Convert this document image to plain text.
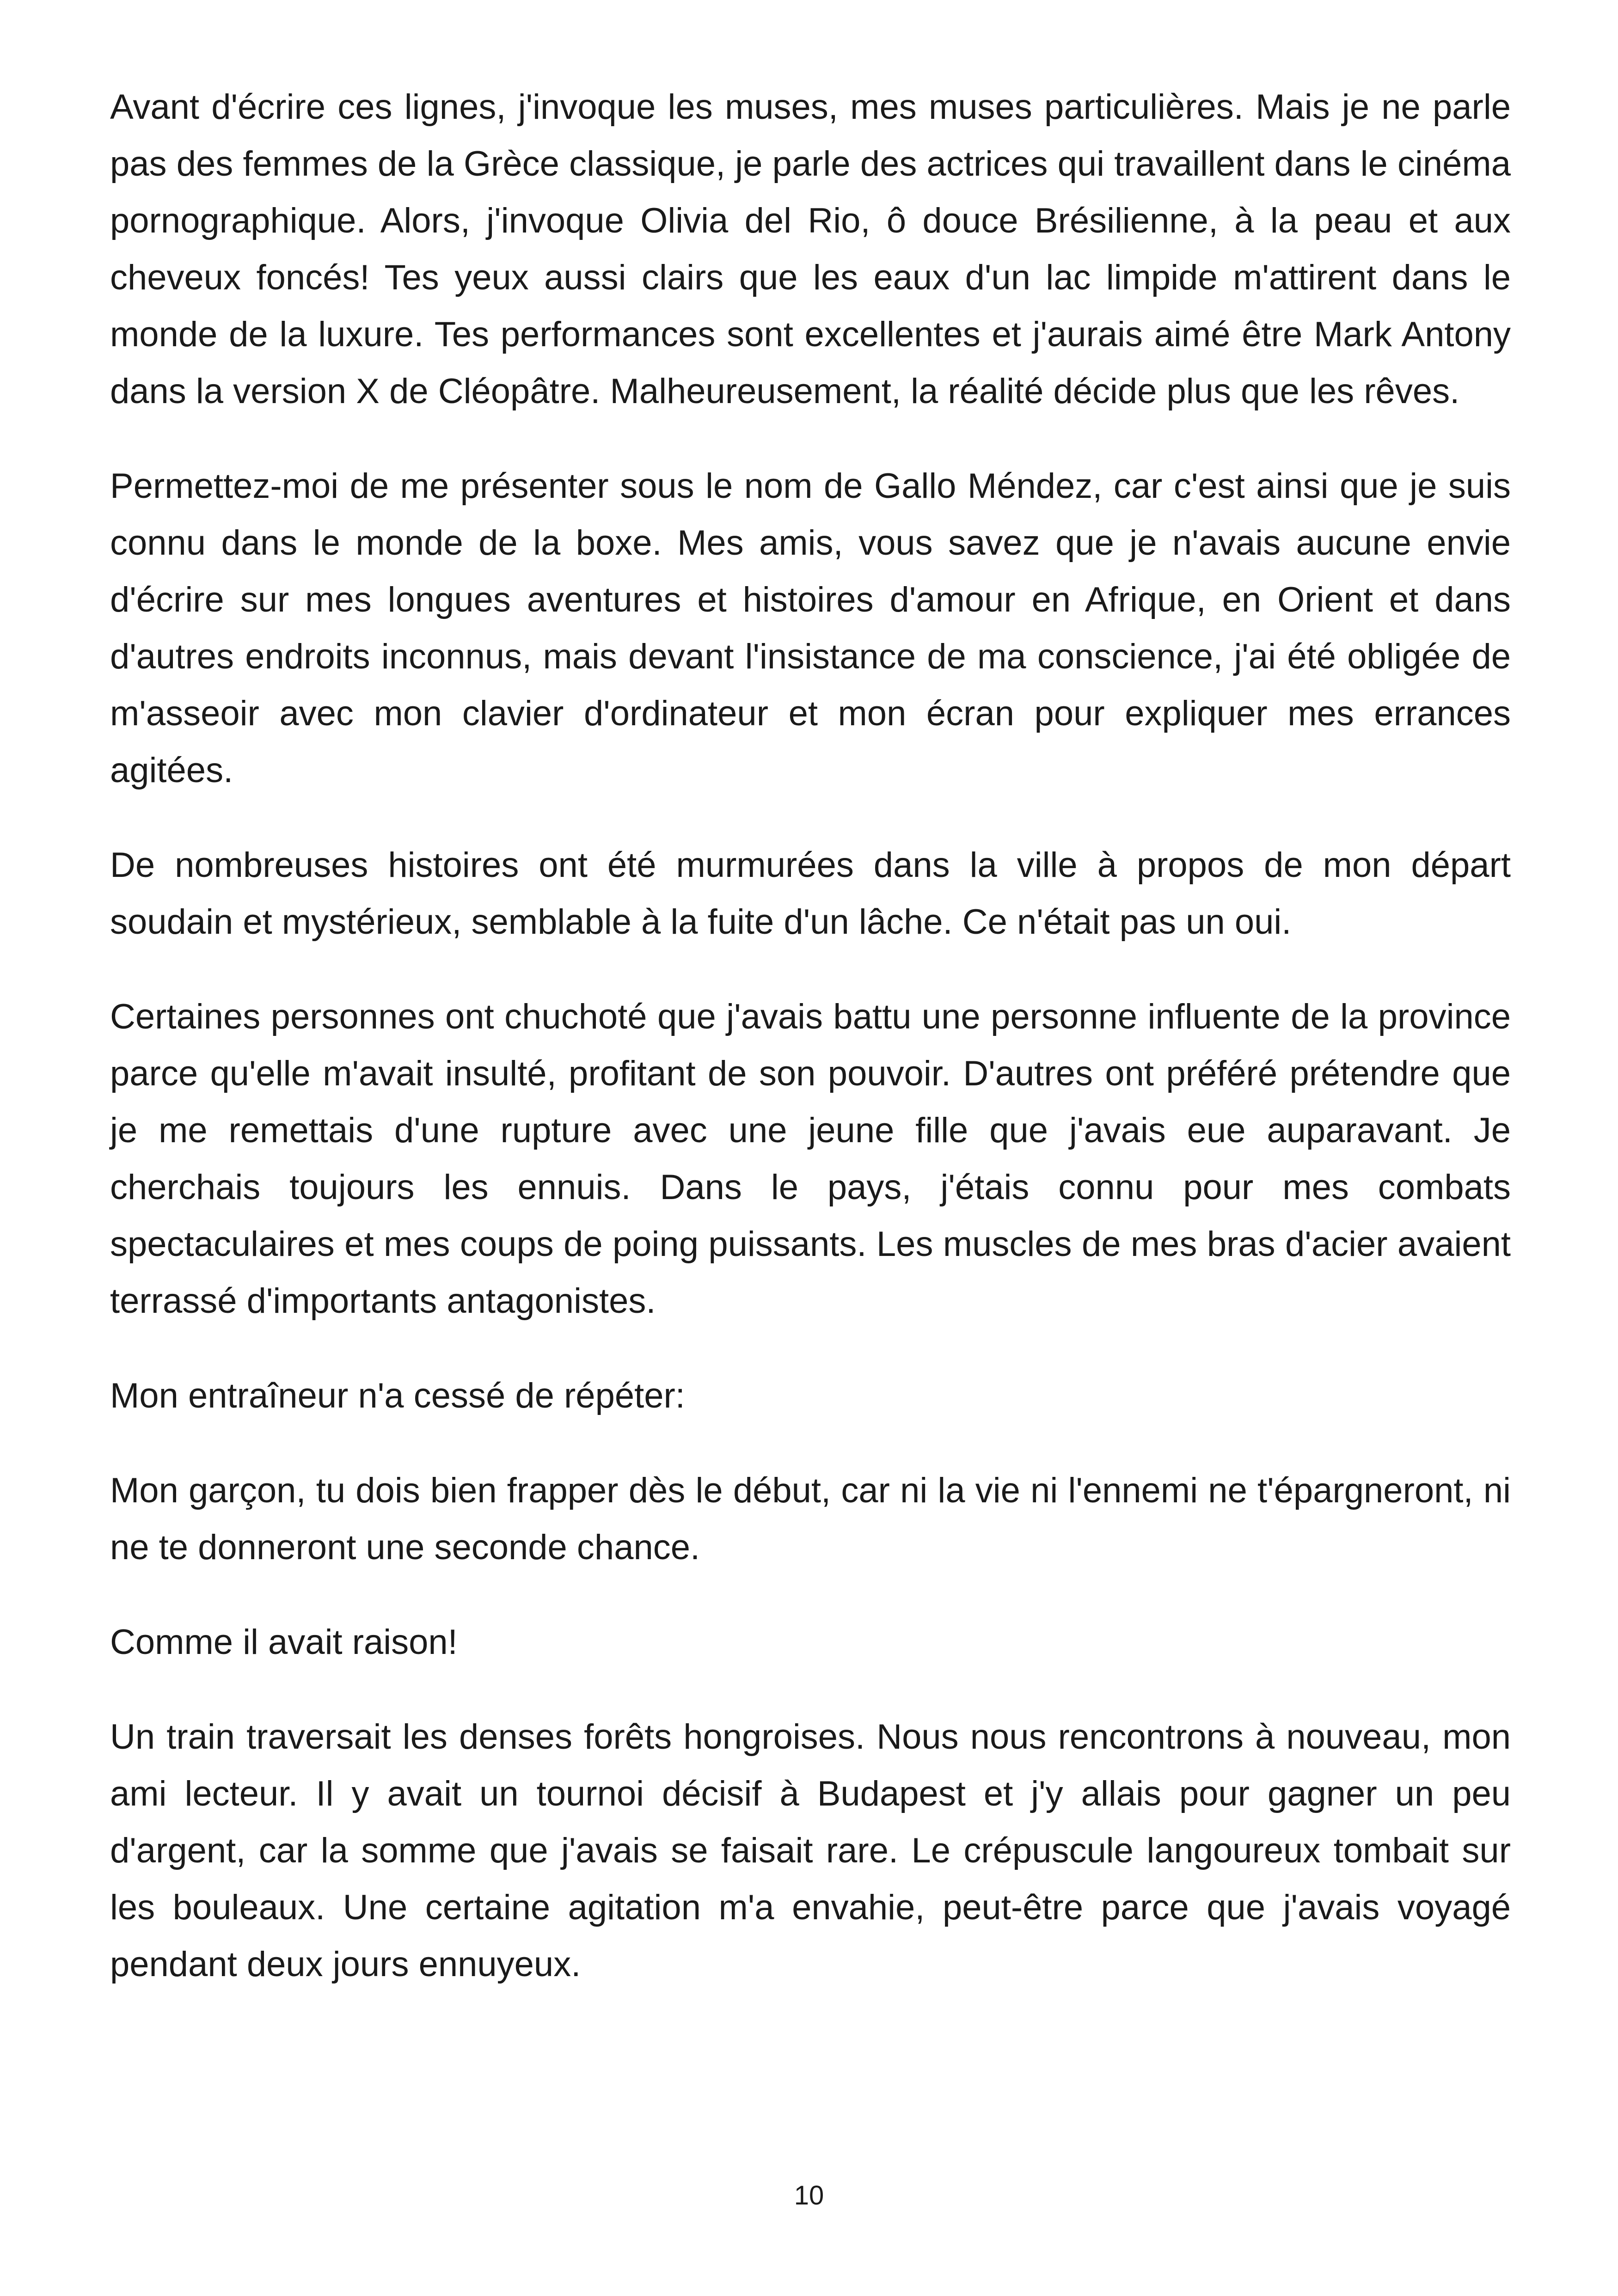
Avant d'écrire ces lignes, j'invoque les muses, mes muses particulières. Mais je ne parle pas des femmes de la Grèce classique, je parle des actrices qui travaillent dans le cinéma pornographique. Alors, j'invoque Olivia del Rio, ô douce Brésilienne, à la peau et aux cheveux foncés! Tes yeux aussi clairs que les eaux d'un lac limpide m'attirent dans le monde de la luxure. Tes performances sont excellentes et j'aurais aimé être Mark Antony dans la version X de Cléopâtre. Malheureusement, la réalité décide plus que les rêves.

Permettez-moi de me présenter sous le nom de Gallo Méndez, car c'est ainsi que je suis connu dans le monde de la boxe. Mes amis, vous savez que je n'avais aucune envie d'écrire sur mes longues aventures et histoires d'amour en Afrique, en Orient et dans d'autres endroits inconnus, mais devant l'insistance de ma conscience, j'ai été obligée de m'asseoir avec mon clavier d'ordinateur et mon écran pour expliquer mes errances agitées.

De nombreuses histoires ont été murmurées dans la ville à propos de mon départ soudain et mystérieux, semblable à la fuite d'un lâche. Ce n'était pas un oui.

Certaines personnes ont chuchoté que j'avais battu une personne influente de la province parce qu'elle m'avait insulté, profitant de son pouvoir. D'autres ont préféré prétendre que je me remettais d'une rupture avec une jeune fille que j'avais eue auparavant. Je cherchais toujours les ennuis. Dans le pays, j'étais connu pour mes combats spectaculaires et mes coups de poing puissants. Les muscles de mes bras d'acier avaient terrassé d'importants antagonistes.

Mon entraîneur n'a cessé de répéter:

Mon garçon, tu dois bien frapper dès le début, car ni la vie ni l'ennemi ne t'épargneront, ni ne te donneront une seconde chance.

Comme il avait raison!

Un train traversait les denses forêts hongroises. Nous nous rencontrons à nouveau, mon ami lecteur. Il y avait un tournoi décisif à Budapest et j'y allais pour gagner un peu d'argent, car la somme que j'avais se faisait rare. Le crépuscule langoureux tombait sur les bouleaux. Une certaine agitation m'a envahie, peut-être parce que j'avais voyagé pendant deux jours ennuyeux.

10
